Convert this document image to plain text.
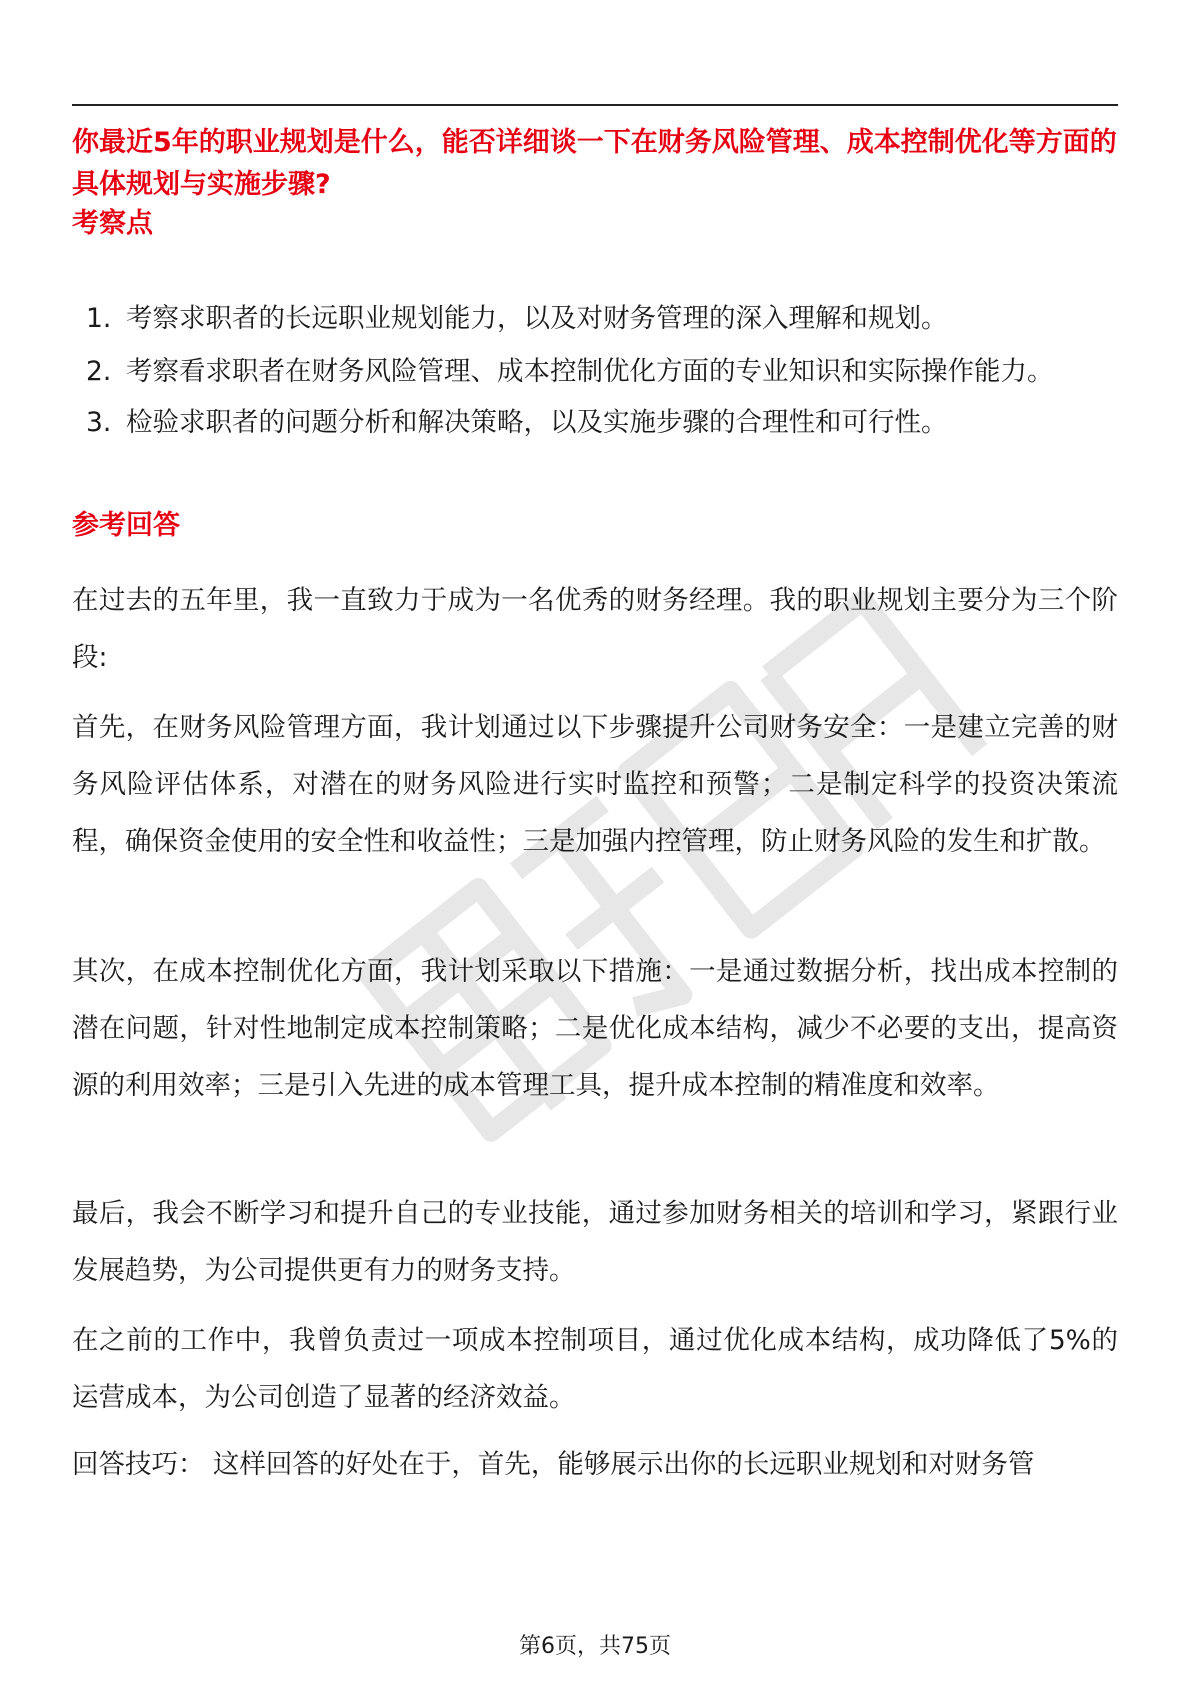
你最近5年的职业规划是什么，能否详细谈一下在财务风险管理、成本控制优化等方面的具体规划与实施步骤?

考察点
1. 考察求职者的长远职业规划能力，以及对财务管理的深入理解和规划。
2. 考察看求职者在财务风险管理、成本控制优化方面的专业知识和实际操作能力。
3. 检验求职者的问题分析和解决策略，以及实施步骤的合理性和可行性。
参考回答

在过去的五年里，我一直致力于成为一名优秀的财务经理。我的职业规划主要分为三个阶段:

首先，在财务风险管理方面，我计划通过以下步骤提升公司财务安全：一是建立完善的财务风险评估体系，对潜在的财务风险进行实时监控和预警；二是制定科学的投资决策流程，确保资金使用的安全性和收益性；三是加强内控管理，防止财务风险的发生和扩散。

其次，在成本控制优化方面，我计划采取以下措施：一是通过数据分析，找出成本控制的潜在问题，针对性地制定成本控制策略；二是优化成本结构，减少不必要的支出，提高资源的利用效率；三是引入先进的成本管理工具，提升成本控制的精准度和效率。

最后，我会不断学习和提升自己的专业技能，通过参加财务相关的培训和学习，紧跟行业发展趋势，为公司提供更有力的财务支持。

在之前的工作中，我曾负责过一项成本控制项目，通过优化成本结构，成功降低了5%的运营成本，为公司创造了显著的经济效益。

回答技巧： 这样回答的好处在于，首先，能够展示出你的长远职业规划和对财务管

第6页，共75页
